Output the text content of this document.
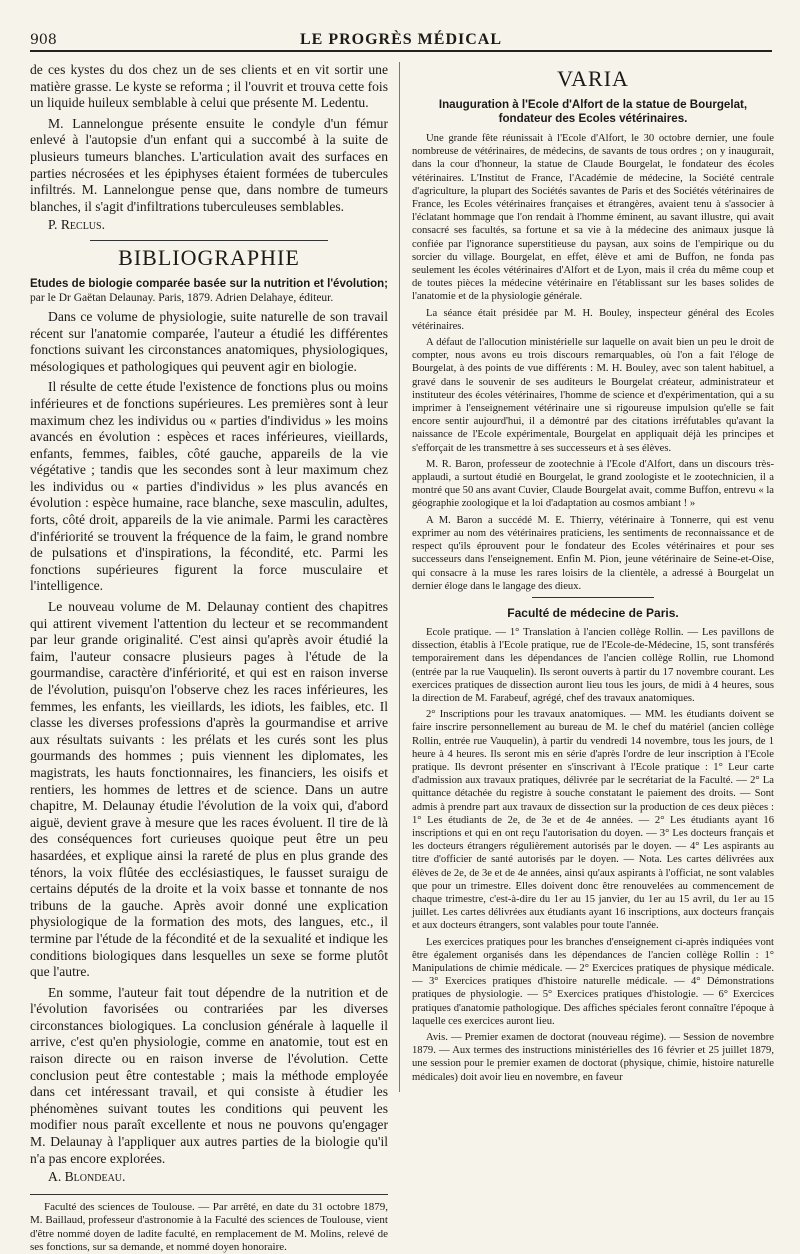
908	LE PROGRÈS MÉDICAL

de ces kystes du dos chez un de ses clients et en vit sortir une matière grasse. Le kyste se reforma ; il l'ouvrit et trouva cette fois un liquide huileux semblable à celui que présente M. Ledentu.

M. Lannelongue présente ensuite le condyle d'un fémur enlevé à l'autopsie d'un enfant qui a succombé à la suite de plusieurs tumeurs blanches. L'articulation avait des surfaces en parties nécrosées et les épiphyses étaient formées de tubercules infiltrés. M. Lannelongue pense que, dans nombre de tumeurs blanches, il s'agit d'infiltrations tuberculeuses semblables.

P. Reclus.

BIBLIOGRAPHIE

Etudes de biologie comparée basée sur la nutrition et l'évolution; par le Dr Gaëtan Delaunay. Paris, 1879. Adrien Delahaye, éditeur.

Dans ce volume de physiologie, suite naturelle de son travail récent sur l'anatomie comparée, l'auteur a étudié les différentes fonctions suivant les circonstances anatomiques, physiologiques, mésologiques et pathologiques qui peuvent agir en biologie.

Il résulte de cette étude l'existence de fonctions plus ou moins inférieures et de fonctions supérieures. Les premières sont à leur maximum chez les individus ou « parties d'individus » les moins avancés en évolution : espèces et races inférieures, vieillards, enfants, femmes, faibles, côté gauche, appareils de la vie végétative ; tandis que les secondes sont à leur maximum chez les individus ou « parties d'individus » les plus avancés en évolution : espèce humaine, race blanche, sexe masculin, adultes, forts, côté droit, appareils de la vie animale. Parmi les caractères d'infériorité se trouvent la fréquence de la faim, le grand nombre de pulsations et d'inspirations, la fécondité, etc. Parmi les fonctions supérieures figurent la force musculaire et l'intelligence.

Le nouveau volume de M. Delaunay contient des chapitres qui attirent vivement l'attention du lecteur et se recommandent par leur grande originalité. C'est ainsi qu'après avoir étudié la faim, l'auteur consacre plusieurs pages à l'étude de la gourmandise, caractère d'infériorité, et qui est en raison inverse de l'évolution, puisqu'on l'observe chez les races inférieures, les femmes, les enfants, les vieillards, les idiots, les faibles, etc. Il classe les diverses professions d'après la gourmandise et arrive aux résultats suivants : les prélats et les curés sont les plus gourmands des hommes ; puis viennent les diplomates, les magistrats, les hauts fonctionnaires, les financiers, les oisifs et rentiers, les hommes de lettres et de science. Dans un autre chapitre, M. Delaunay étudie l'évolution de la voix qui, d'abord aiguë, devient grave à mesure que les races évoluent. Il tire de là des conséquences fort curieuses quoique peut être un peu hasardées, et explique ainsi la rareté de plus en plus grande des ténors, la voix flûtée des ecclésiastiques, le fausset suraigu de certains députés de la droite et la voix basse et tonnante de nos tribuns de la gauche. Après avoir donné une explication physiologique de la formation des mots, des langues, etc., il termine par l'étude de la fécondité et de la sexualité et indique les conditions biologiques dans lesquelles un sexe se forme plutôt que l'autre.

En somme, l'auteur fait tout dépendre de la nutrition et de l'évolution favorisées ou contrariées par les diverses circonstances biologiques. La conclusion générale à laquelle il arrive, c'est qu'en physiologie, comme en anatomie, tout est en raison directe ou en raison inverse de l'évolution. Cette conclusion peut être contestable ; mais la méthode employée dans cet intéressant travail, et qui consiste à étudier les phénomènes suivant toutes les conditions qui peuvent les modifier nous paraît excellente et nous ne pouvons qu'engager M. Delaunay à l'appliquer aux autres parties de la biologie qu'il n'a pas encore explorées.

A. Blondeau.

Faculté des sciences de Toulouse. — Par arrêté, en date du 31 octobre 1879, M. Baillaud, professeur d'astronomie à la Faculté des sciences de Toulouse, vient d'être nommé doyen de ladite faculté, en remplacement de M. Molins, relevé de ses fonctions, sur sa demande, et nommé doyen honoraire.

VARIA
Inauguration à l'Ecole d'Alfort de la statue de Bourgelat, fondateur des Ecoles vétérinaires.

Une grande fête réunissait à l'Ecole d'Alfort, le 30 octobre dernier, une foule nombreuse de vétérinaires, de médecins, de savants de tous ordres ; on y inaugurait, dans la cour d'honneur, la statue de Claude Bourgelat, le fondateur des écoles vétérinaires. L'Institut de France, l'Académie de médecine, la Société centrale d'agriculture, la plupart des Sociétés savantes de Paris et des Sociétés vétérinaires de France, les Ecoles vétérinaires françaises et étrangères, avaient tenu à s'associer à l'éclatant hommage que l'on rendait à l'homme éminent, au savant illustre, qui avait consacré ses facultés, sa fortune et sa vie à la médecine des animaux jusque là confiée par l'ignorance superstitieuse du paysan, aux soins de l'empirique ou du sorcier du village. Bourgelat, en effet, élève et ami de Buffon, ne fonda pas seulement les écoles vétérinaires d'Alfort et de Lyon, mais il créa du même coup et de toutes pièces la médecine vétérinaire en l'établissant sur les bases solides de l'anatomie et de la physiologie générale.

La séance était présidée par M. H. Bouley, inspecteur général des Ecoles vétérinaires.

A défaut de l'allocution ministérielle sur laquelle on avait bien un peu le droit de compter, nous avons eu trois discours remarquables, où l'on a fait l'éloge de Bourgelat, à des points de vue différents : M. H. Bouley, avec son talent habituel, a gravé dans le souvenir de ses auditeurs le Bourgelat créateur, administrateur et instituteur des écoles vétérinaires, l'homme de science et d'expérimentation, qui a su imprimer à l'enseignement vétérinaire une si rigoureuse impulsion qu'elle se fait encore sentir aujourd'hui, il a démontré par des citations irréfutables qu'avant la naissance de l'Ecole expérimentale, Bourgelat en appliquait déjà les principes et s'efforçait de les transmettre à ses successeurs et à ses élèves.

M. R. Baron, professeur de zootechnie à l'Ecole d'Alfort, dans un discours très-applaudi, a surtout étudié en Bourgelat, le grand zoologiste et le zootechnicien, il a montré que 50 ans avant Cuvier, Claude Bourgelat avait, comme Buffon, entrevu « la géographie zoologique et la loi d'adaptation au cosmos ambiant ! »

A M. Baron a succédé M. E. Thierry, vétérinaire à Tonnerre, qui est venu exprimer au nom des vétérinaires praticiens, les sentiments de reconnaissance et de respect qu'ils éprouvent pour le fondateur des Ecoles vétérinaires et pour ses successeurs dans l'enseignement. Enfin M. Pion, jeune vétérinaire de Seine-et-Oise, qui consacre à la muse les rares loisirs de la clientèle, a adressé à Bourgelat un dernier éloge dans le langage des dieux.

Faculté de médecine de Paris.

Ecole pratique. — 1° Translation à l'ancien collège Rollin. — Les pavillons de dissection, établis à l'Ecole pratique, rue de l'Ecole-de-Médecine, 15, sont transférés temporairement dans les dépendances de l'ancien collège Rollin, rue Lhomond (entrée par la rue Vauquelin). Ils seront ouverts à partir du 17 novembre courant. Les exercices pratiques de dissection auront lieu tous les jours, de midi à 4 heures, sous la direction de M. Farabeuf, agrégé, chef des travaux anatomiques.

2° Inscriptions pour les travaux anatomiques. — MM. les étudiants doivent se faire inscrire personnellement au bureau de M. le chef du matériel (ancien collège Rollin, entrée rue Vauquelin), à partir du vendredi 14 novembre, tous les jours, de 1 heure à 4 heures. Ils seront mis en série d'après l'ordre de leur inscription à l'Ecole pratique. Ils devront présenter en s'inscrivant à l'Ecole pratique : 1° Leur carte d'admission aux travaux pratiques, délivrée par le secrétariat de la Faculté. — 2° La quittance détachée du registre à souche constatant le paiement des droits. — Sont admis à prendre part aux travaux de dissection sur la production de ces deux pièces : 1° Les étudiants de 2e, de 3e et de 4e années. — 2° Les étudiants ayant 16 inscriptions et qui en ont reçu l'autorisation du doyen. — 3° Les docteurs français et les docteurs étrangers régulièrement autorisés par le doyen. — 4° Les aspirants au titre d'officier de santé autorisés par le doyen. — Nota. Les cartes délivrées aux élèves de 2e, de 3e et de 4e années, ainsi qu'aux aspirants à l'officiat, ne sont valables que pour un trimestre. Elles doivent donc être renouvelées au commencement de chaque trimestre, c'est-à-dire du 1er au 15 janvier, du 1er au 15 avril, du 1er au 15 juillet. Les cartes délivrées aux étudiants ayant 16 inscriptions, aux docteurs français et aux docteurs étrangers, sont valables pour toute l'année.

Les exercices pratiques pour les branches d'enseignement ci-après indiquées vont être également organisés dans les dépendances de l'ancien collège Rollin : 1° Manipulations de chimie médicale. — 2° Exercices pratiques de physique médicale. — 3° Exercices pratiques d'histoire naturelle médicale. — 4° Démonstrations pratiques de physiologie. — 5° Exercices pratiques d'histologie. — 6° Exercices pratiques d'anatomie pathologique. Des affiches spéciales feront connaître l'époque à laquelle ces exercices auront lieu.

Avis. — Premier examen de doctorat (nouveau régime). — Session de novembre 1879. — Aux termes des instructions ministérielles des 16 février et 25 juillet 1879, une session pour le premier examen de doctorat (physique, chimie, histoire naturelle médicales) doit avoir lieu en novembre, en faveur
